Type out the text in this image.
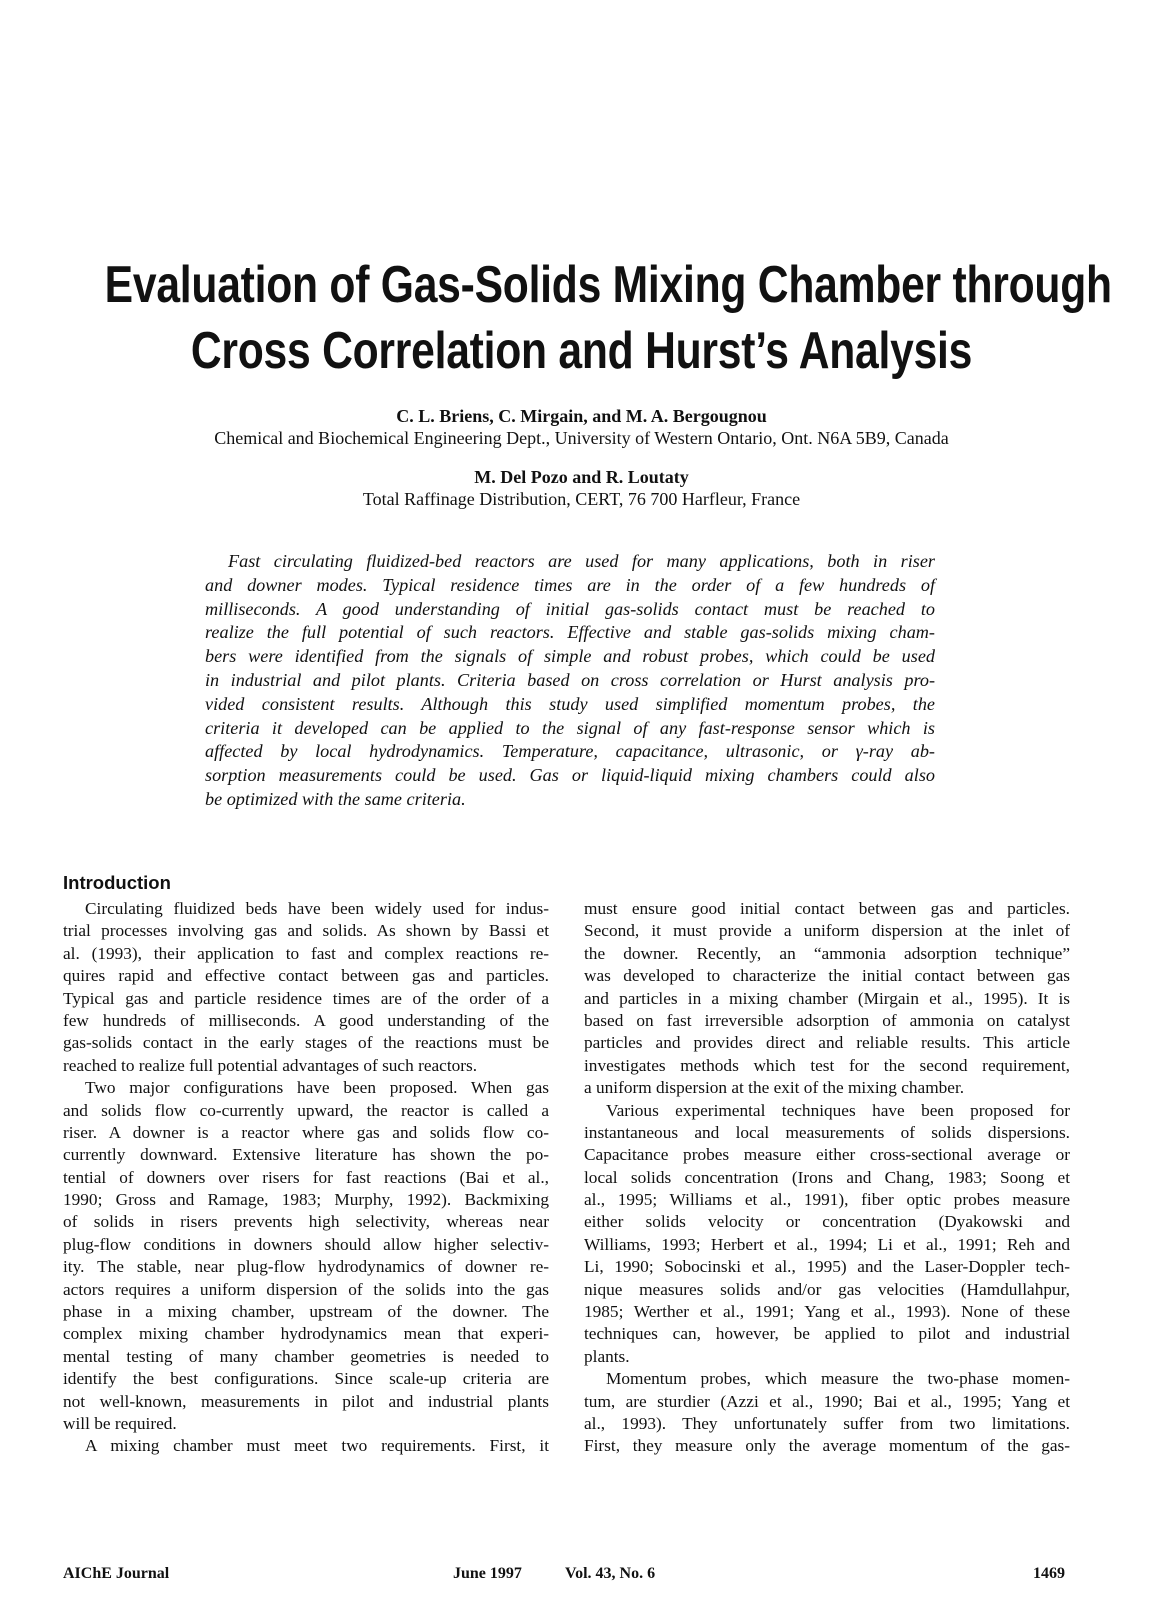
Evaluation of Gas-Solids Mixing Chamber through
Cross Correlation and Hurst’s Analysis
C. L. Briens, C. Mirgain, and M. A. Bergougnou
Chemical and Biochemical Engineering Dept., University of Western Ontario, Ont. N6A 5B9, Canada
M. Del Pozo and R. Loutaty
Total Raffinage Distribution, CERT, 76 700 Harfleur, France
Fast circulating fluidized-bed reactors are used for many applications, both in riser
and downer modes. Typical residence times are in the order of a few hundreds of
milliseconds. A good understanding of initial gas-solids contact must be reached to
realize the full potential of such reactors. Effective and stable gas-solids mixing cham-
bers were identified from the signals of simple and robust probes, which could be used
in industrial and pilot plants. Criteria based on cross correlation or Hurst analysis pro-
vided consistent results. Although this study used simplified momentum probes, the
criteria it developed can be applied to the signal of any fast-response sensor which is
affected by local hydrodynamics. Temperature, capacitance, ultrasonic, or γ-ray ab-
sorption measurements could be used. Gas or liquid-liquid mixing chambers could also
be optimized with the same criteria.
Introduction
Circulating fluidized beds have been widely used for indus-
trial processes involving gas and solids. As shown by Bassi et
al. (1993), their application to fast and complex reactions re-
quires rapid and effective contact between gas and particles.
Typical gas and particle residence times are of the order of a
few hundreds of milliseconds. A good understanding of the
gas-solids contact in the early stages of the reactions must be
reached to realize full potential advantages of such reactors.
Two major configurations have been proposed. When gas
and solids flow co-currently upward, the reactor is called a
riser. A downer is a reactor where gas and solids flow co-
currently downward. Extensive literature has shown the po-
tential of downers over risers for fast reactions (Bai et al.,
1990; Gross and Ramage, 1983; Murphy, 1992). Backmixing
of solids in risers prevents high selectivity, whereas near
plug-flow conditions in downers should allow higher selectiv-
ity. The stable, near plug-flow hydrodynamics of downer re-
actors requires a uniform dispersion of the solids into the gas
phase in a mixing chamber, upstream of the downer. The
complex mixing chamber hydrodynamics mean that experi-
mental testing of many chamber geometries is needed to
identify the best configurations. Since scale-up criteria are
not well-known, measurements in pilot and industrial plants
will be required.
A mixing chamber must meet two requirements. First, it
must ensure good initial contact between gas and particles.
Second, it must provide a uniform dispersion at the inlet of
the downer. Recently, an “ammonia adsorption technique”
was developed to characterize the initial contact between gas
and particles in a mixing chamber (Mirgain et al., 1995). It is
based on fast irreversible adsorption of ammonia on catalyst
particles and provides direct and reliable results. This article
investigates methods which test for the second requirement,
a uniform dispersion at the exit of the mixing chamber.
Various experimental techniques have been proposed for
instantaneous and local measurements of solids dispersions.
Capacitance probes measure either cross-sectional average or
local solids concentration (Irons and Chang, 1983; Soong et
al., 1995; Williams et al., 1991), fiber optic probes measure
either solids velocity or concentration (Dyakowski and
Williams, 1993; Herbert et al., 1994; Li et al., 1991; Reh and
Li, 1990; Sobocinski et al., 1995) and the Laser-Doppler tech-
nique measures solids and/or gas velocities (Hamdullahpur,
1985; Werther et al., 1991; Yang et al., 1993). None of these
techniques can, however, be applied to pilot and industrial
plants.
Momentum probes, which measure the two-phase momen-
tum, are sturdier (Azzi et al., 1990; Bai et al., 1995; Yang et
al., 1993). They unfortunately suffer from two limitations.
First, they measure only the average momentum of the gas-
AIChE Journal	June 1997	Vol. 43, No. 6	1469
